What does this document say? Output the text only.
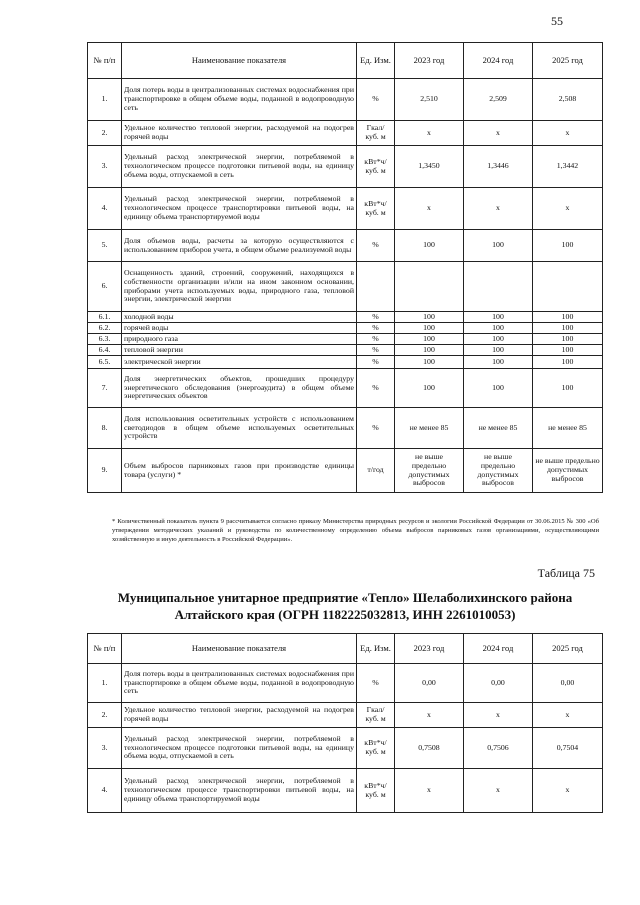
55
№ п/п	Наименование показателя	Ед. Изм.	2023 год	2024 год	2025 год
1.	Доля потерь воды в централизованных системах водоснабжения при транспортировке в общем объеме воды, поданной в водопроводную сеть	%	2,510	2,509	2,508
2.	Удельное количество тепловой энергии, расходуемой на подогрев горячей воды	Гкал/ куб. м	x	x	x
3.	Удельный расход электрической энергии, потребляемой в технологическом процессе подготовки питьевой воды, на единицу объема воды, отпускаемой в сеть	кВт*ч/ куб. м	1,3450	1,3446	1,3442
4.	Удельный расход электрической энергии, потребляемой в технологическом процессе транспортировки питьевой воды, на единицу объема транспортируемой воды	кВт*ч/ куб. м	x	x	x
5.	Доля объемов воды, расчеты за которую осуществляются с использованием приборов учета, в общем объеме реализуемой воды	%	100	100	100
6.	Оснащенность зданий, строений, сооружений, находящихся в собственности организации и/или на ином законном основании, приборами учета используемых воды, природного газа, тепловой энергии, электрической энергии				
6.1.	холодной воды	%	100	100	100
6.2.	горячей воды	%	100	100	100
6.3.	природного газа	%	100	100	100
6.4.	тепловой энергии	%	100	100	100
6.5.	электрической энергии	%	100	100	100
7.	Доля энергетических объектов, прошедших процедуру энергетического обследования (энергоаудита) в общем объеме энергетических объектов	%	100	100	100
8.	Доля использования осветительных устройств с использованием светодиодов в общем объеме используемых осветительных устройств	%	не менее 85	не менее 85	не менее 85
9.	Объем выбросов парниковых газов при производстве единицы товара (услуги) *	т/год	не выше предельно допустимых выбросов	не выше предельно допустимых выбросов	не выше предельно допустимых выбросов
* Количественный показатель пункта 9 рассчитывается согласно приказу Министерства природных ресурсов и экологии Российской Федерации от 30.06.2015 № 300 «Об утверждении методических указаний и руководства по количественному определению объема выбросов парниковых газов организациями, осуществляющими хозяйственную и иную деятельность в Российской Федерации».
Таблица 75
Муниципальное унитарное предприятие «Тепло» Шелаболихинского района Алтайского края (ОГРН 1182225032813, ИНН 2261010053)
№ п/п	Наименование показателя	Ед. Изм.	2023 год	2024 год	2025 год
1.	Доля потерь воды в централизованных системах водоснабжения при транспортировке в общем объеме воды, поданной в водопроводную сеть	%	0,00	0,00	0,00
2.	Удельное количество тепловой энергии, расходуемой на подогрев горячей воды	Гкал/ куб. м	x	x	x
3.	Удельный расход электрической энергии, потребляемой в технологическом процессе подготовки питьевой воды, на единицу объема воды, отпускаемой в сеть	кВт*ч/ куб. м	0,7508	0,7506	0,7504
4.	Удельный расход электрической энергии, потребляемой в технологическом процессе транспортировки питьевой воды, на единицу объема транспортируемой воды	кВт*ч/ куб. м	x	x	x
